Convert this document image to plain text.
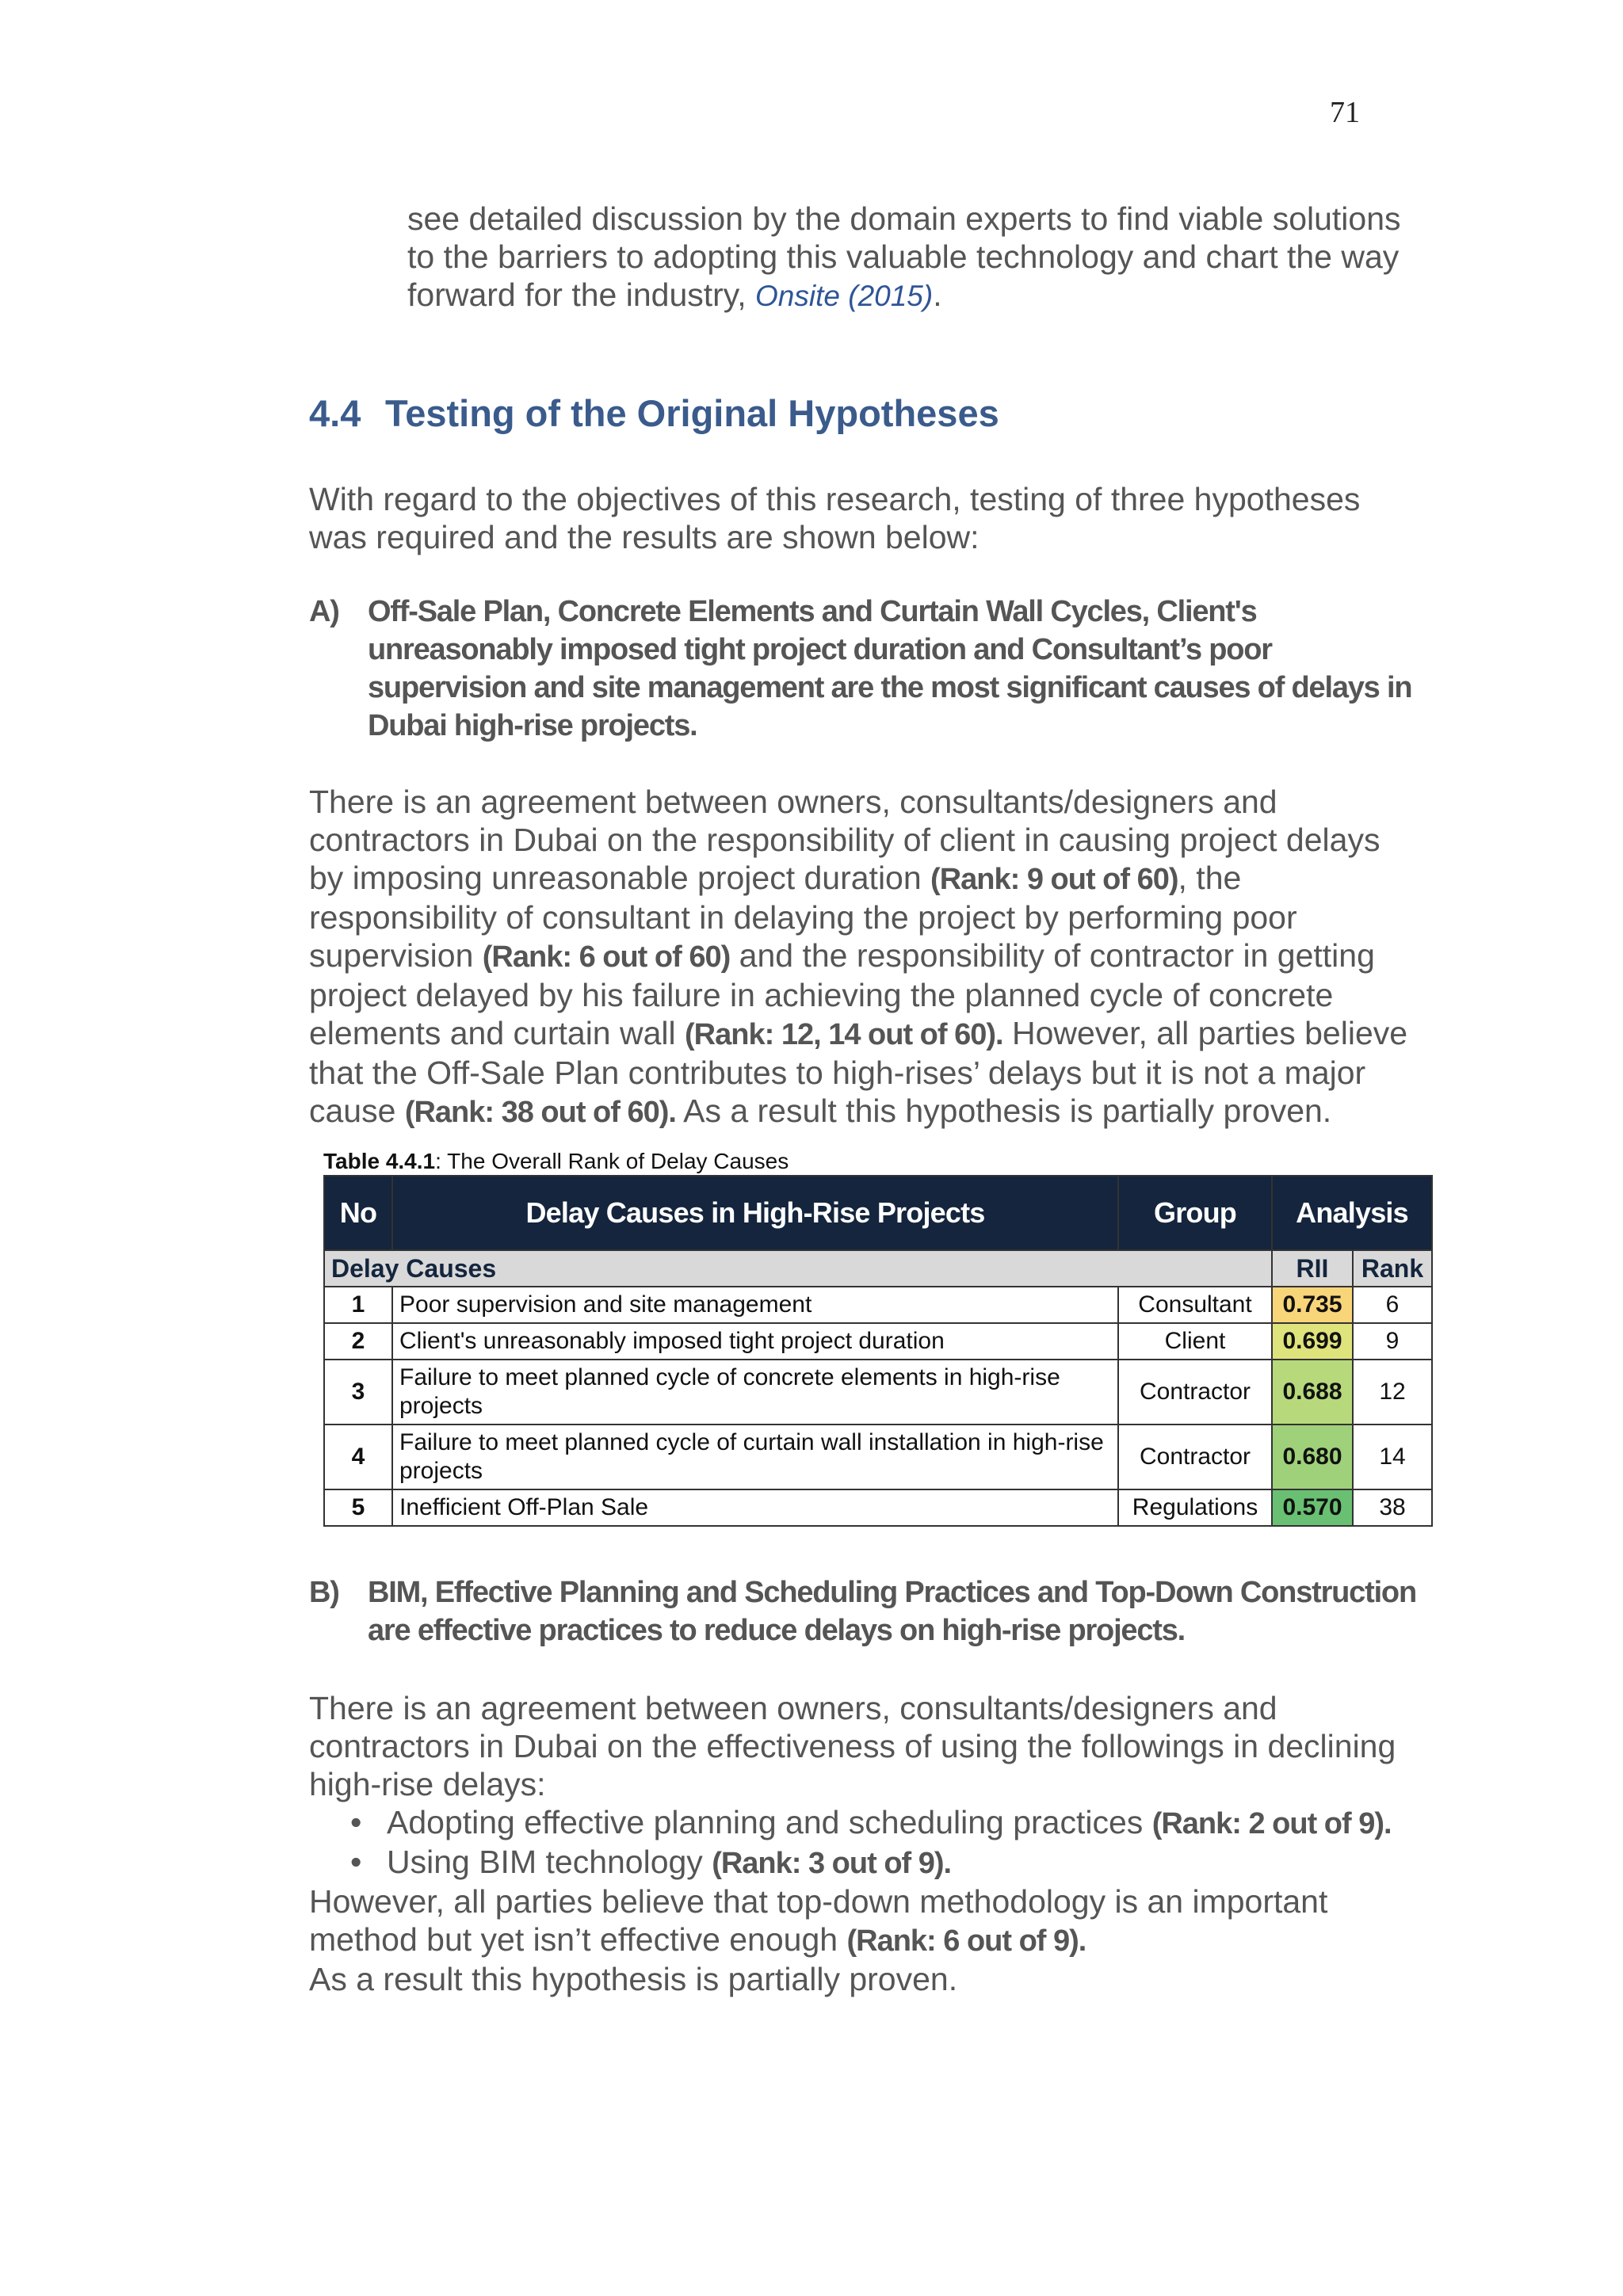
71

see detailed discussion by the domain experts to find viable solutions to the barriers to adopting this valuable technology and chart the way forward for the industry, Onsite (2015).

4.4 Testing of the Original Hypotheses

With regard to the objectives of this research, testing of three hypotheses was required and the results are shown below:

A) Off-Sale Plan, Concrete Elements and Curtain Wall Cycles, Client's unreasonably imposed tight project duration and Consultant’s poor supervision and site management are the most significant causes of delays in Dubai high-rise projects.

There is an agreement between owners, consultants/designers and contractors in Dubai on the responsibility of client in causing project delays by imposing unreasonable project duration (Rank: 9 out of 60), the responsibility of consultant in delaying the project by performing poor supervision (Rank: 6 out of 60) and the responsibility of contractor in getting project delayed by his failure in achieving the planned cycle of concrete elements and curtain wall (Rank: 12, 14 out of 60). However, all parties believe that the Off-Sale Plan contributes to high-rises’ delays but it is not a major cause (Rank: 38 out of 60). As a result this hypothesis is partially proven.

Table 4.4.1: The Overall Rank of Delay Causes
No	Delay Causes in High-Rise Projects	Group	Analysis	
Delay Causes			RII	Rank
1	Poor supervision and site management	Consultant	0.735	6
2	Client's unreasonably imposed tight project duration	Client	0.699	9
3	Failure to meet planned cycle of concrete elements in high-rise projects	Contractor	0.688	12
4	Failure to meet planned cycle of curtain wall installation in high-rise projects	Contractor	0.680	14
5	Inefficient Off-Plan Sale	Regulations	0.570	38
B) BIM, Effective Planning and Scheduling Practices and Top-Down Construction are effective practices to reduce delays on high-rise projects.
There is an agreement between owners, consultants/designers and contractors in Dubai on the effectiveness of using the followings in declining high-rise delays:
• Adopting effective planning and scheduling practices (Rank: 2 out of 9).
• Using BIM technology (Rank: 3 out of 9).
However, all parties believe that top-down methodology is an important method but yet isn’t effective enough (Rank: 6 out of 9).
As a result this hypothesis is partially proven.
